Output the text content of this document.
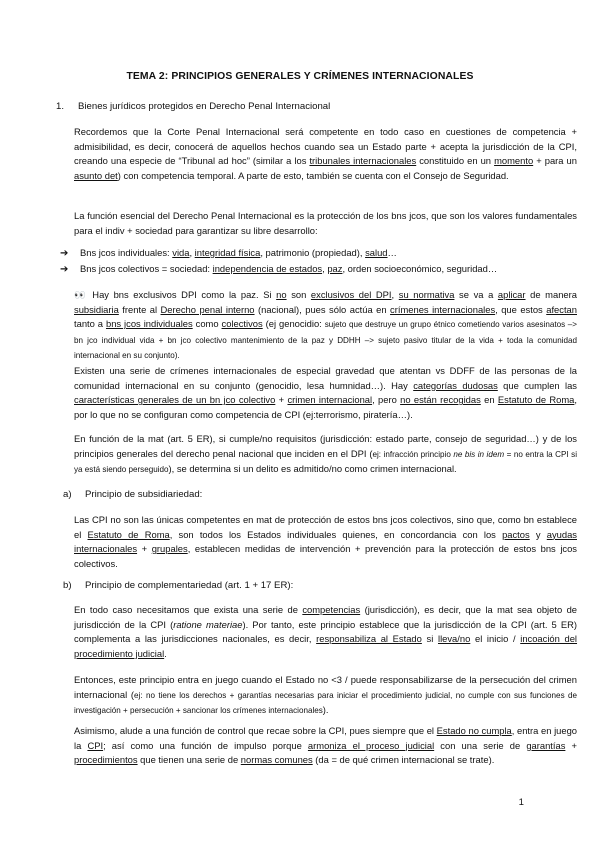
TEMA 2: PRINCIPIOS GENERALES Y CRÍMENES INTERNACIONALES
1. Bienes jurídicos protegidos en Derecho Penal Internacional

Recordemos que la Corte Penal Internacional será competente en todo caso en cuestiones de competencia + admisibilidad, es decir, conocerá de aquellos hechos cuando sea un Estado parte + acepta la jurisdicción de la CPI, creando una especie de “Tribunal ad hoc” (similar a los tribunales internacionales constituido en un momento + para un asunto det) con competencia temporal. A parte de esto, también se cuenta con el Consejo de Seguridad.

La función esencial del Derecho Penal Internacional es la protección de los bns jcos, que son los valores fundamentales para el indiv + sociedad para garantizar su libre desarrollo:

➔ Bns jcos individuales: vida, integridad física, patrimonio (propiedad), salud…
➔ Bns jcos colectivos = sociedad: independencia de estados, paz, orden socioeconómico, seguridad…

👀 Hay bns exclusivos DPI como la paz. Si no son exclusivos del DPI, su normativa se va a aplicar de manera subsidiaria frente al Derecho penal interno (nacional), pues sólo actúa en crímenes internacionales, que estos afectan tanto a bns jcos individuales como colectivos (ej genocidio: sujeto que destruye un grupo étnico cometiendo varios asesinatos –> bn jco individual vida + bn jco colectivo mantenimiento de la paz y DDHH –> sujeto pasivo titular de la vida + toda la comunidad internacional en su conjunto).

Existen una serie de crímenes internacionales de especial gravedad que atentan vs DDFF de las personas de la comunidad internacional en su conjunto (genocidio, lesa humnidad…). Hay categorías dudosas que cumplen las características generales de un bn jco colectivo + crimen internacional, pero no están recogidas en Estatuto de Roma, por lo que no se configuran como competencia de CPI (ej:terrorismo, piratería…).

En función de la mat (art. 5 ER), si cumple/no requisitos (jurisdicción: estado parte, consejo de seguridad…) y de los principios generales del derecho penal nacional que inciden en el DPI (ej: infracción principio ne bis in idem = no entra la CPI si ya está siendo perseguido), se determina si un delito es admitido/no como crimen internacional.

a) Principio de subsidiariedad:

Las CPI no son las únicas competentes en mat de protección de estos bns jcos colectivos, sino que, como bn establece el Estatuto de Roma, son todos los Estados individuales quienes, en concordancia con los pactos y ayudas internacionales + grupales, establecen medidas de intervención + prevención para la protección de estos bns jcos colectivos.

b) Principio de complementariedad (art. 1 + 17 ER):

En todo caso necesitamos que exista una serie de competencias (jurisdicción), es decir, que la mat sea objeto de jurisdicción de la CPI (ratione materiae). Por tanto, este principio establece que la jurisdicción de la CPI (art. 5 ER) complementa a las jurisdicciones nacionales, es decir, responsabiliza al Estado si lleva/no el inicio / incoación del procedimiento judicial.

Entonces, este principio entra en juego cuando el Estado no <3 / puede responsabilizarse de la persecución del crimen internacional (ej: no tiene los derechos + garantías necesarias para iniciar el procedimiento judicial, no cumple con sus funciones de investigación + persecución + sancionar los crímenes internacionales).

Asimismo, alude a una función de control que recae sobre la CPI, pues siempre que el Estado no cumpla, entra en juego la CPI; así como una función de impulso porque armoniza el proceso judicial con una serie de garantías + procedimientos que tienen una serie de normas comunes (da = de qué crimen internacional se trate).

1
